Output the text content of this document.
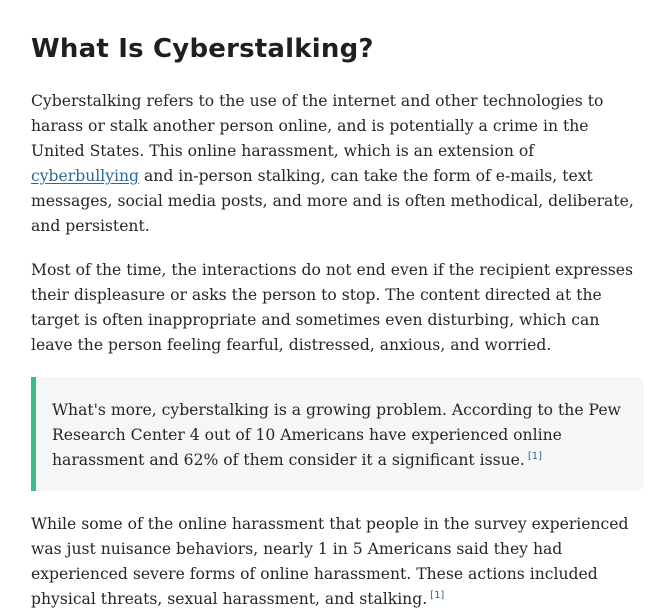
What Is Cyberstalking?

Cyberstalking refers to the use of the internet and other technologies to harass or stalk another person online, and is potentially a crime in the United States. This online harassment, which is an extension of cyberbullying and in-person stalking, can take the form of e-mails, text messages, social media posts, and more and is often methodical, deliberate, and persistent.

Most of the time, the interactions do not end even if the recipient expresses their displeasure or asks the person to stop. The content directed at the target is often inappropriate and sometimes even disturbing, which can leave the person feeling fearful, distressed, anxious, and worried.

What's more, cyberstalking is a growing problem. According to the Pew Research Center 4 out of 10 Americans have experienced online harassment and 62% of them consider it a significant issue. [1]

While some of the online harassment that people in the survey experienced was just nuisance behaviors, nearly 1 in 5 Americans said they had experienced severe forms of online harassment. These actions included physical threats, sexual harassment, and stalking. [1]
